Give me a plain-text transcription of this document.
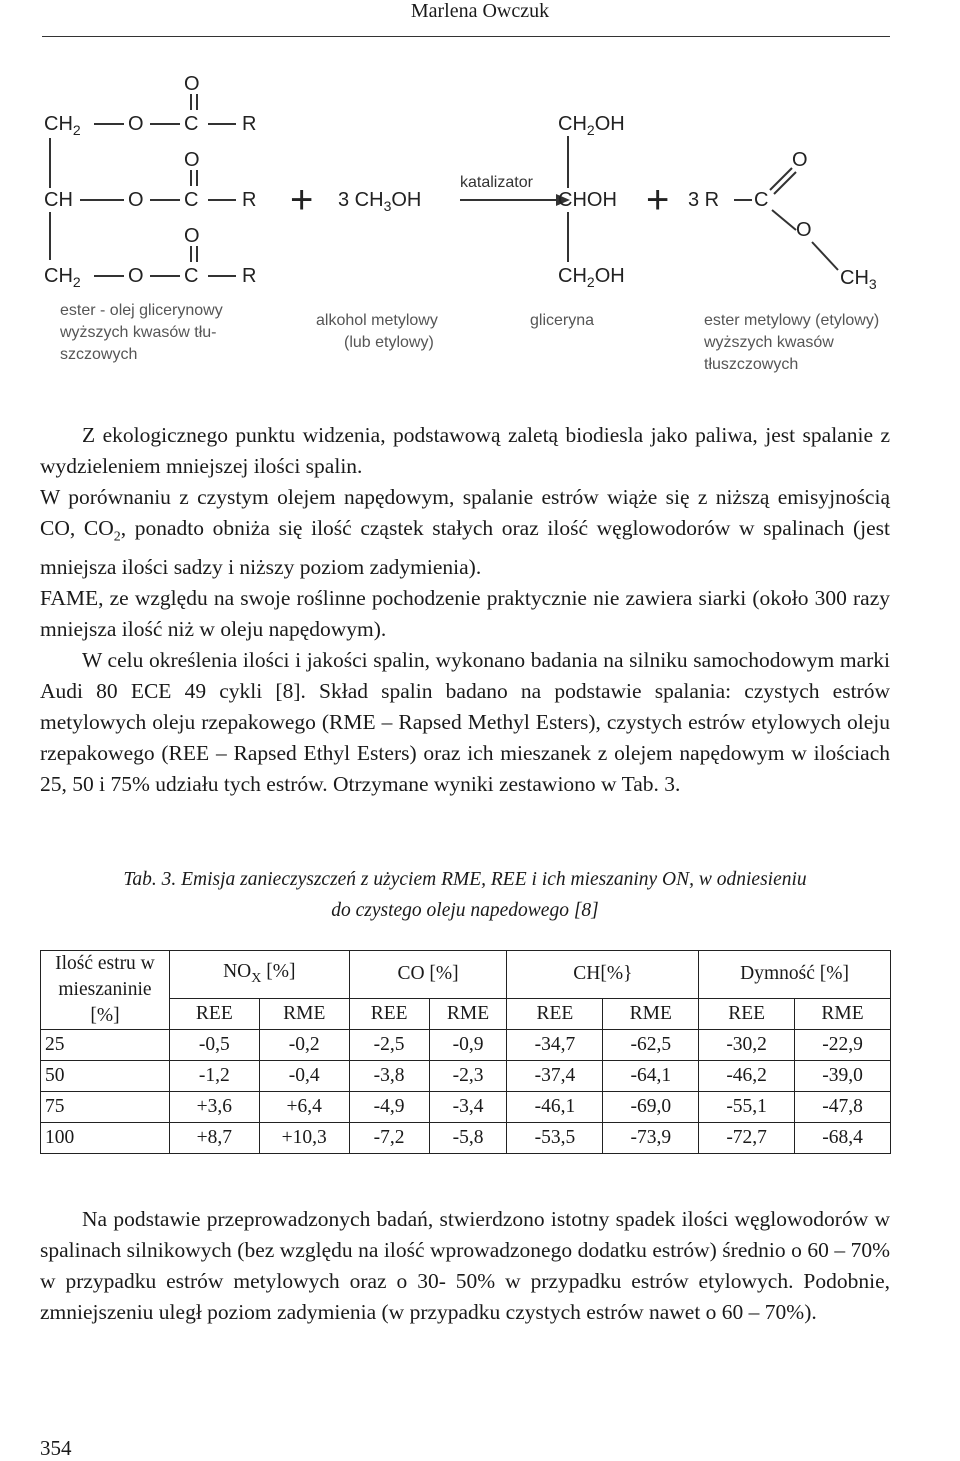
Marlena Owczuk
O
$CH_2$ O C R
O
CH	O C R
O
$CH_2$ O C R
ester - olej glicerynowy
wyższych kwasów tłu-
szczowych
+ 3 $CH_3OH$
alkohol metylowy
(lub etylowy)
katalizator
$CH_2OH$
CHOH
$CH_2OH$
gliceryna
+ 3 R C
O
O
$CH_3$
ester metylowy (etylowy)
wyższych kwasów
tłuszczowych

Z ekologicznego punktu widzenia, podstawową zaletą biodiesla jako paliwa, jest spalanie z wydzieleniem mniejszej ilości spalin.

W porównaniu z czystym olejem napędowym, spalanie estrów wiąże się z niższą emisyjnością CO, $CO_2$, ponadto obniża się ilość cząstek stałych oraz ilość węglowodorów w spalinach (jest mniejsza ilości sadzy i niższy poziom zadymienia).

FAME, ze względu na swoje roślinne pochodzenie praktycznie nie zawiera siarki (około 300 razy mniejsza ilość niż w oleju napędowym).

W celu określenia ilości i jakości spalin, wykonano badania na silniku samochodowym marki Audi 80 ECE 49 cykli [8]. Skład spalin badano na podstawie spalania: czystych estrów metylowych oleju rzepakowego (RME – Rapsed Methyl Esters), czystych estrów etylowych oleju rzepakowego (REE – Rapsed Ethyl Esters) oraz ich mieszanek z olejem napędowym w ilościach 25, 50 i 75% udziału tych estrów. Otrzymane wyniki zestawiono w Tab. 3.

Tab. 3. Emisja zanieczyszczeń z użyciem RME, REE i ich mieszaniny ON, w odniesieniu
do czystego oleju napedowego [8]
Ilość estru w mieszaninie [%]	$NO_X$ [%]		CO [%]		CH[%}		Dymność [%]	
	REE	RME	REE	RME	REE	RME	REE	RME
25	-0,5	-0,2	-2,5	-0,9	-34,7	-62,5	-30,2	-22,9
50	-1,2	-0,4	-3,8	-2,3	-37,4	-64,1	-46,2	-39,0
75	+3,6	+6,4	-4,9	-3,4	-46,1	-69,0	-55,1	-47,8
100	+8,7	+10,3	-7,2	-5,8	-53,5	-73,9	-72,7	-68,4

Na podstawie przeprowadzonych badań, stwierdzono istotny spadek ilości węglowodorów w spalinach silnikowych (bez względu na ilość wprowadzonego dodatku estrów) średnio o 60 – 70% w przypadku estrów metylowych oraz o 30- 50% w przypadku estrów etylowych. Podobnie, zmniejszeniu uległ poziom zadymienia (w przypadku czystych estrów nawet o 60 – 70%).

354
